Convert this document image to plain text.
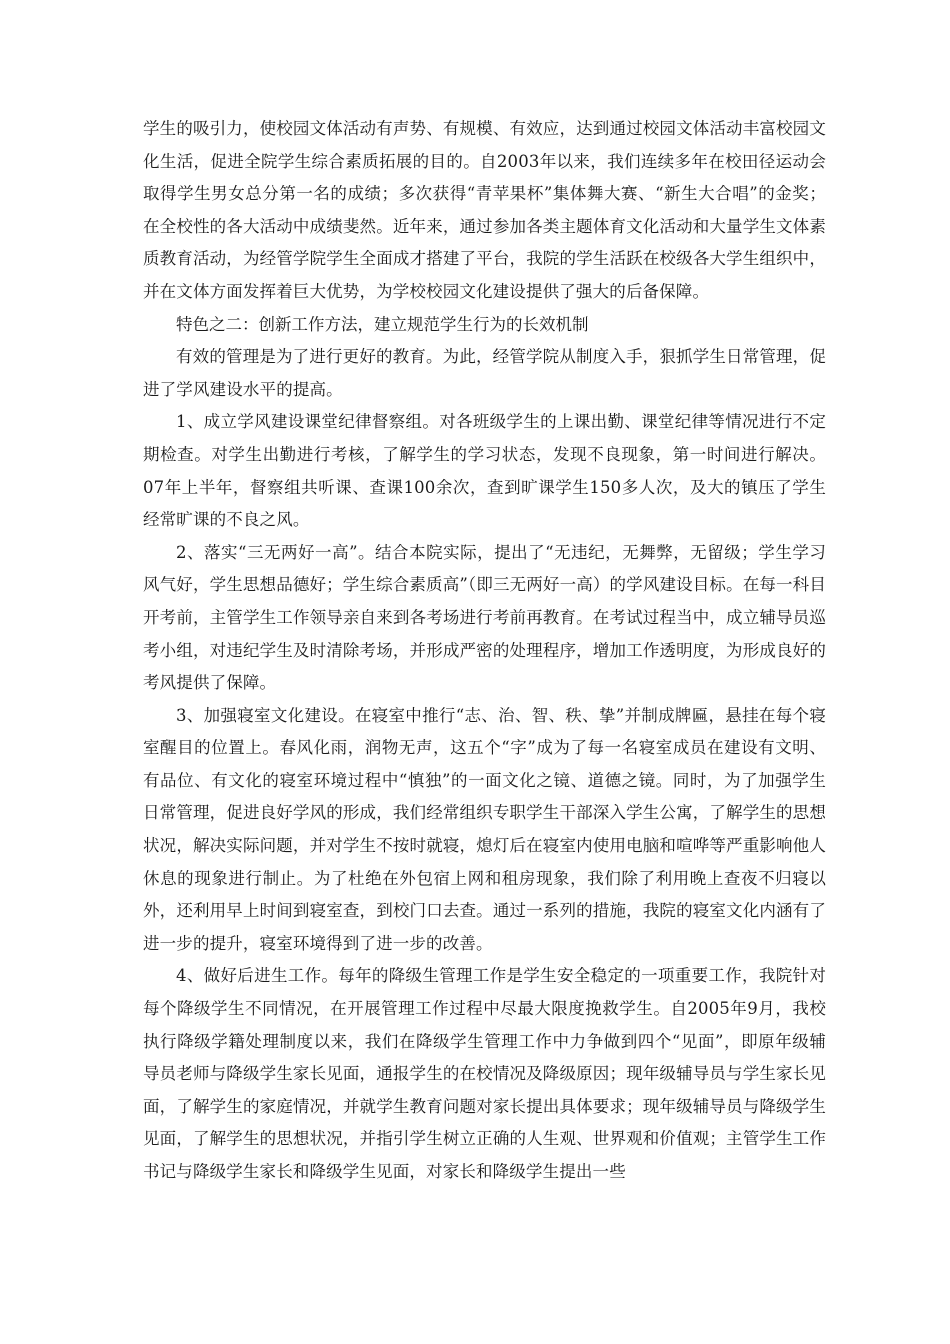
学生的吸引力，使校园文体活动有声势、有规模、有效应，达到通过校园文体活动丰富校园文化生活，促进全院学生综合素质拓展的目的。自2003年以来，我们连续多年在校田径运动会取得学生男女总分第一名的成绩；多次获得“青苹果杯”集体舞大赛、“新生大合唱”的金奖；在全校性的各大活动中成绩斐然。近年来，通过参加各类主题体育文化活动和大量学生文体素质教育活动，为经管学院学生全面成才搭建了平台，我院的学生活跃在校级各大学生组织中，并在文体方面发挥着巨大优势，为学校校园文化建设提供了强大的后备保障。

特色之二：创新工作方法，建立规范学生行为的长效机制

有效的管理是为了进行更好的教育。为此，经管学院从制度入手，狠抓学生日常管理，促进了学风建设水平的提高。

1、成立学风建设课堂纪律督察组。对各班级学生的上课出勤、课堂纪律等情况进行不定期检查。对学生出勤进行考核，了解学生的学习状态，发现不良现象，第一时间进行解决。07年上半年，督察组共听课、查课100余次，查到旷课学生150多人次，及大的镇压了学生经常旷课的不良之风。

2、落实“三无两好一高”。结合本院实际，提出了“无违纪，无舞弊，无留级；学生学习风气好，学生思想品德好；学生综合素质高”（即三无两好一高）的学风建设目标。在每一科目开考前，主管学生工作领导亲自来到各考场进行考前再教育。在考试过程当中，成立辅导员巡考小组，对违纪学生及时清除考场，并形成严密的处理程序，增加工作透明度，为形成良好的考风提供了保障。

3、加强寝室文化建设。在寝室中推行“志、治、智、秩、挚”并制成牌匾，悬挂在每个寝室醒目的位置上。春风化雨，润物无声，这五个“字”成为了每一名寝室成员在建设有文明、有品位、有文化的寝室环境过程中“慎独”的一面文化之镜、道德之镜。同时，为了加强学生日常管理，促进良好学风的形成，我们经常组织专职学生干部深入学生公寓，了解学生的思想状况，解决实际问题，并对学生不按时就寝，熄灯后在寝室内使用电脑和喧哗等严重影响他人休息的现象进行制止。为了杜绝在外包宿上网和租房现象，我们除了利用晚上查夜不归寝以外，还利用早上时间到寝室查，到校门口去查。通过一系列的措施，我院的寝室文化内涵有了进一步的提升，寝室环境得到了进一步的改善。

4、做好后进生工作。每年的降级生管理工作是学生安全稳定的一项重要工作，我院针对每个降级学生不同情况，在开展管理工作过程中尽最大限度挽救学生。自2005年9月，我校执行降级学籍处理制度以来，我们在降级学生管理工作中力争做到四个“见面”，即原年级辅导员老师与降级学生家长见面，通报学生的在校情况及降级原因；现年级辅导员与学生家长见面，了解学生的家庭情况，并就学生教育问题对家长提出具体要求；现年级辅导员与降级学生见面，了解学生的思想状况，并指引学生树立正确的人生观、世界观和价值观；主管学生工作书记与降级学生家长和降级学生见面，对家长和降级学生提出一些
